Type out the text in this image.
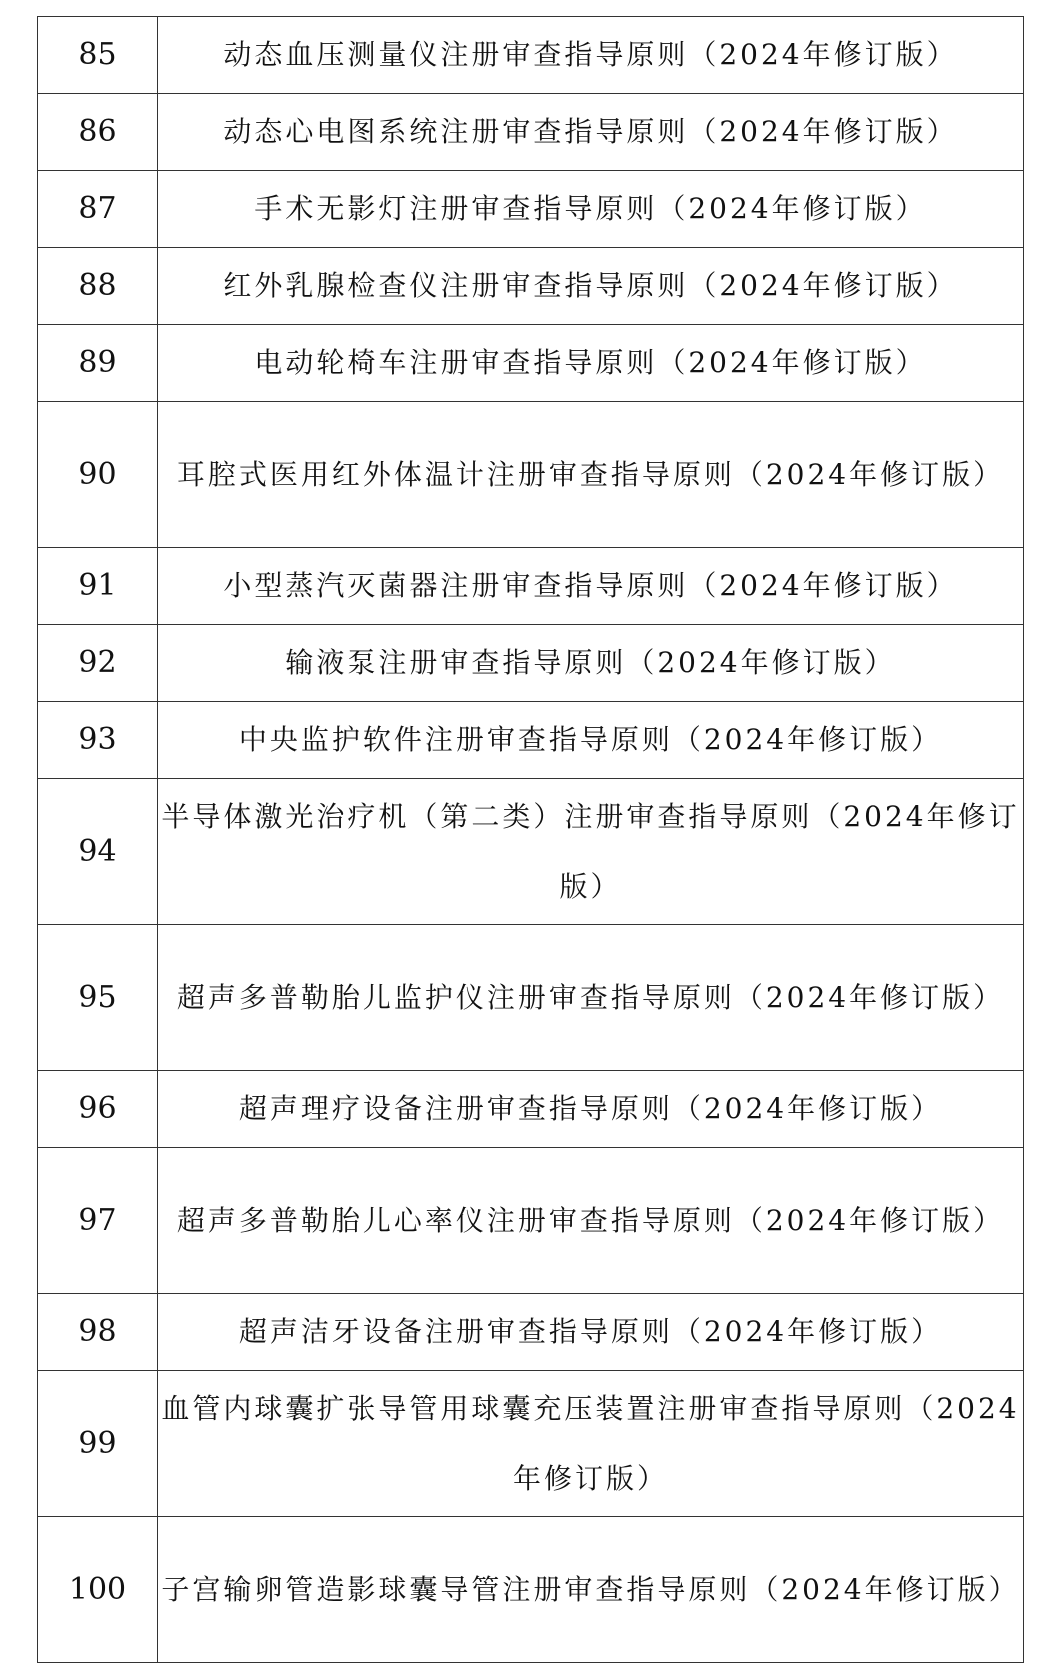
85	动态血压测量仪注册审查指导原则（2024年修订版）
86	动态心电图系统注册审查指导原则（2024年修订版）
87	手术无影灯注册审查指导原则（2024年修订版）
88	红外乳腺检查仪注册审查指导原则（2024年修订版）
89	电动轮椅车注册审查指导原则（2024年修订版）
90	耳腔式医用红外体温计注册审查指导原则（2024年修订版）
91	小型蒸汽灭菌器注册审查指导原则（2024年修订版）
92	输液泵注册审查指导原则（2024年修订版）
93	中央监护软件注册审查指导原则（2024年修订版）
94	半导体激光治疗机（第二类）注册审查指导原则（2024年修订版）
95	超声多普勒胎儿监护仪注册审查指导原则（2024年修订版）
96	超声理疗设备注册审查指导原则（2024年修订版）
97	超声多普勒胎儿心率仪注册审查指导原则（2024年修订版）
98	超声洁牙设备注册审查指导原则（2024年修订版）
99	血管内球囊扩张导管用球囊充压装置注册审查指导原则（2024年修订版）
100	子宫输卵管造影球囊导管注册审查指导原则（2024年修订版）
